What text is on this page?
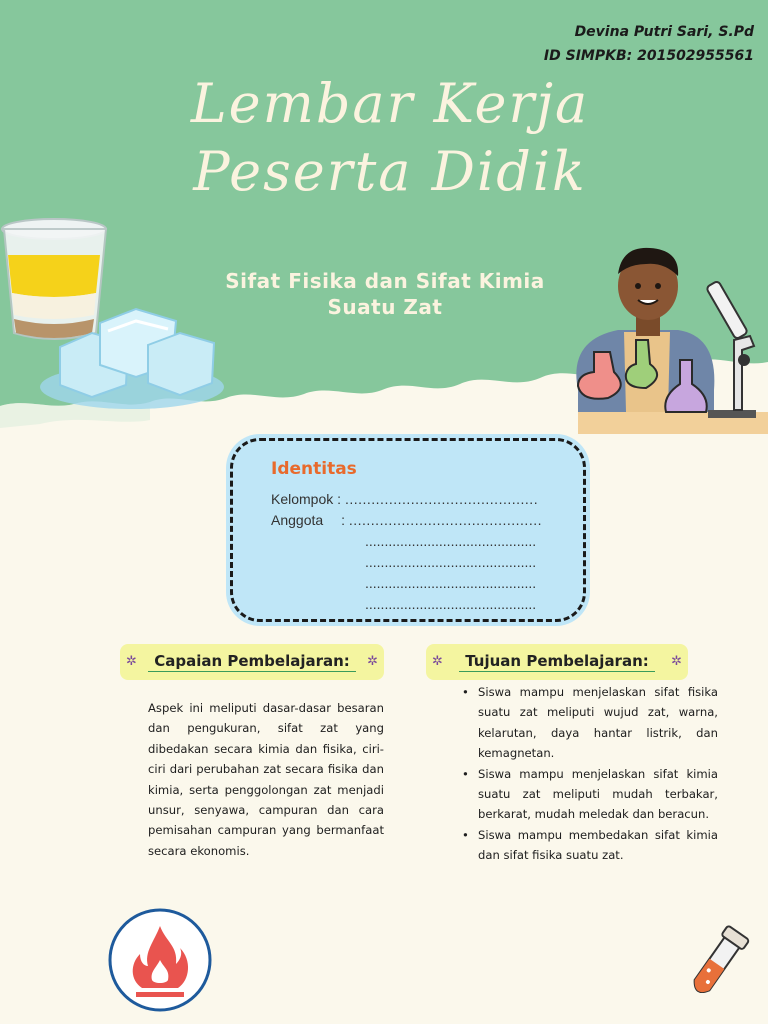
Devina Putri Sari, S.Pd
ID SIMPKB: 201502955561
Lembar Kerja
Peserta Didik
Sifat Fisika dan Sifat Kimia
Suatu Zat
Identitas
Kelompok : ............................................
Anggota : ............................................
............................................
............................................
............................................
............................................
✲	Capaian Pembelajaran:	✲
Aspek ini meliputi dasar-dasar besaran dan pengukuran, sifat zat yang dibedakan secara kimia dan fisika, ciri-ciri dari perubahan zat secara fisika dan kimia, serta penggolongan zat menjadi unsur, senyawa, campuran dan cara pemisahan campuran yang bermanfaat secara ekonomis.
✲	Tujuan Pembelajaran:	✲
• Siswa mampu menjelaskan sifat fisika suatu zat meliputi wujud zat, warna, kelarutan, daya hantar listrik, dan kemagnetan.
• Siswa mampu menjelaskan sifat kimia suatu zat meliputi mudah terbakar, berkarat, mudah meledak dan beracun.
• Siswa mampu membedakan sifat kimia dan sifat fisika suatu zat.
